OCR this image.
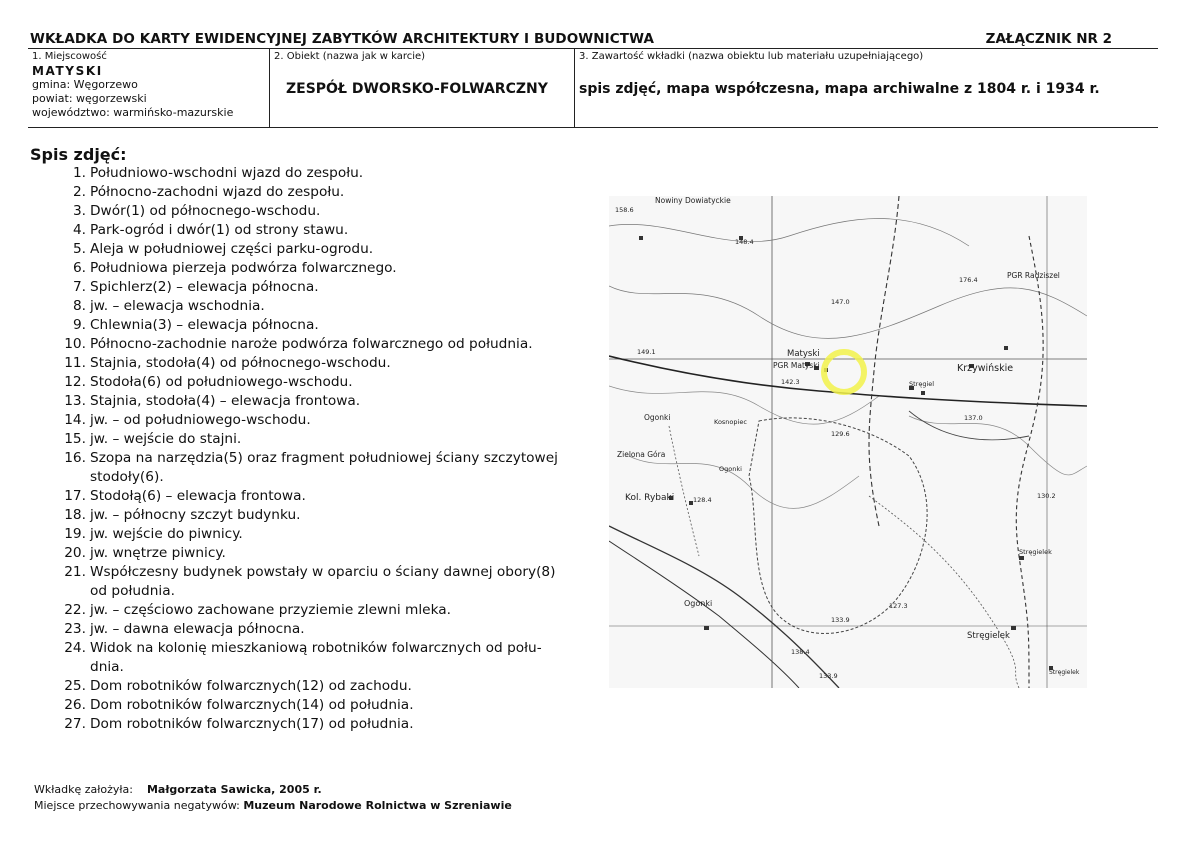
WKŁADKA DO KARTY EWIDENCYJNEJ ZABYTKÓW ARCHITEKTURY I BUDOWNICTWA	ZAŁĄCZNIK NR 2
1. Miejscowość
MATYSKI
gmina: Węgorzewo
powiat: węgorzewski
województwo: warmińsko-mazurskie
2. Obiekt (nazwa jak w karcie)
ZESPÓŁ DWORSKO-FOLWARCZNY
3. Zawartość wkładki (nazwa obiektu lub materiału uzupełniającego)
spis zdjęć, mapa współczesna, mapa archiwalne z 1804 r. i 1934 r.
Spis zdjęć:
1. Południowo-wschodni wjazd do zespołu.
2. Północno-zachodni wjazd do zespołu.
3. Dwór(1) od północnego-wschodu.
4. Park-ogród i dwór(1) od strony stawu.
5. Aleja w południowej części parku-ogrodu.
6. Południowa pierzeja podwórza folwarcznego.
7. Spichlerz(2) – elewacja północna.
8. jw. – elewacja wschodnia.
9. Chlewnia(3) – elewacja północna.
10. Północno-zachodnie naroże podwórza folwarcznego od południa.
11. Stajnia, stodoła(4) od północnego-wschodu.
12. Stodoła(6) od południowego-wschodu.
13. Stajnia, stodoła(4) – elewacja frontowa.
14. jw. – od południowego-wschodu.
15. jw. – wejście do stajni.
16. Szopa na narzędzia(5) oraz fragment południowej ściany szczytowej stodoły(6).
17. Stodołą(6) – elewacja frontowa.
18. jw. – północny szczyt budynku.
19. jw. wejście do piwnicy.
20. jw. wnętrze piwnicy.
21. Współczesny budynek powstały w oparciu o ściany dawnej obory(8) od południa.
22. jw. – częściowo zachowane przyziemie zlewni mleka.
23. jw. – dawna elewacja północna.
24. Widok na kolonię mieszkaniową robotników folwarcznych od połu-dnia.
25. Dom robotników folwarcznych(12) od zachodu.
26. Dom robotników folwarcznych(14) od południa.
27. Dom robotników folwarcznych(17) od południa.
Nowiny Dowiatyckie
PGR Radziszel
Matyski
PGR Matyski	Krzywińskie
Stręgiel
Ogonki	Kosnopiec
Zielona Góra
Ogonki
Kol. Rybaki
Stręgielek
Ogonki
Stręgielek
Stręgielek
158.6
148.4
147.0
176.4
149.1
142.3
137.0
129.6
130.2
127.3
133.9
138.4
133.9
128.4
Wkładkę założyła: Małgorzata Sawicka, 2005 r.
Miejsce przechowywania negatywów: Muzeum Narodowe Rolnictwa w Szreniawie
